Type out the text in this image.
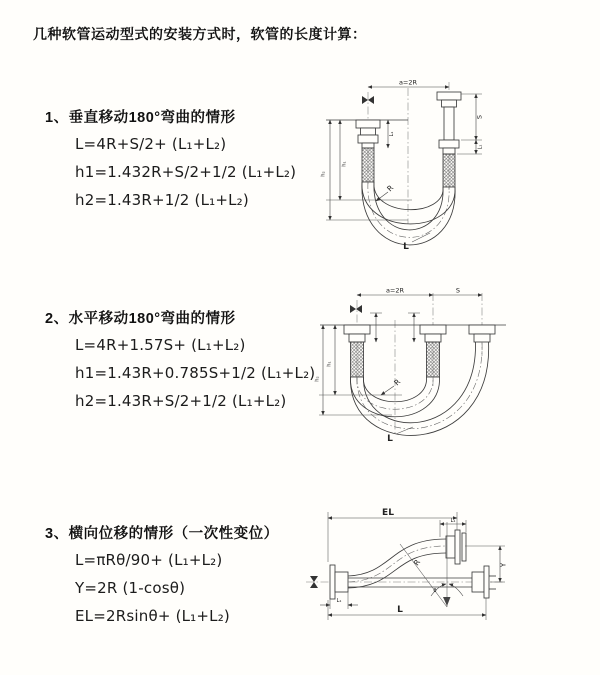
几种软管运动型式的安装方式时，软管的长度计算：
1、垂直移动180°弯曲的情形
L=4R+S/2+ (L₁+L₂)
h1=1.432R+S/2+1/2 (L₁+L₂)
h2=1.43R+1/2 (L₁+L₂)
a=2R
L₁
S
L₁
h₁
h₂
R
L
2、水平移动180°弯曲的情形
L=4R+1.57S+ (L₁+L₂)
h1=1.43R+0.785S+1/2 (L₁+L₂)
h2=1.43R+S/2+1/2 (L₁+L₂)
a=2R	S
h₁
h₂	R
L
3、横向位移的情形（一次性变位）
L=πRθ/90+ (L₁+L₂)
Y=2R (1-cosθ)
EL=2Rsinθ+ (L₁+L₂)
EL
L₁
θ
R	Y
L₁
L
